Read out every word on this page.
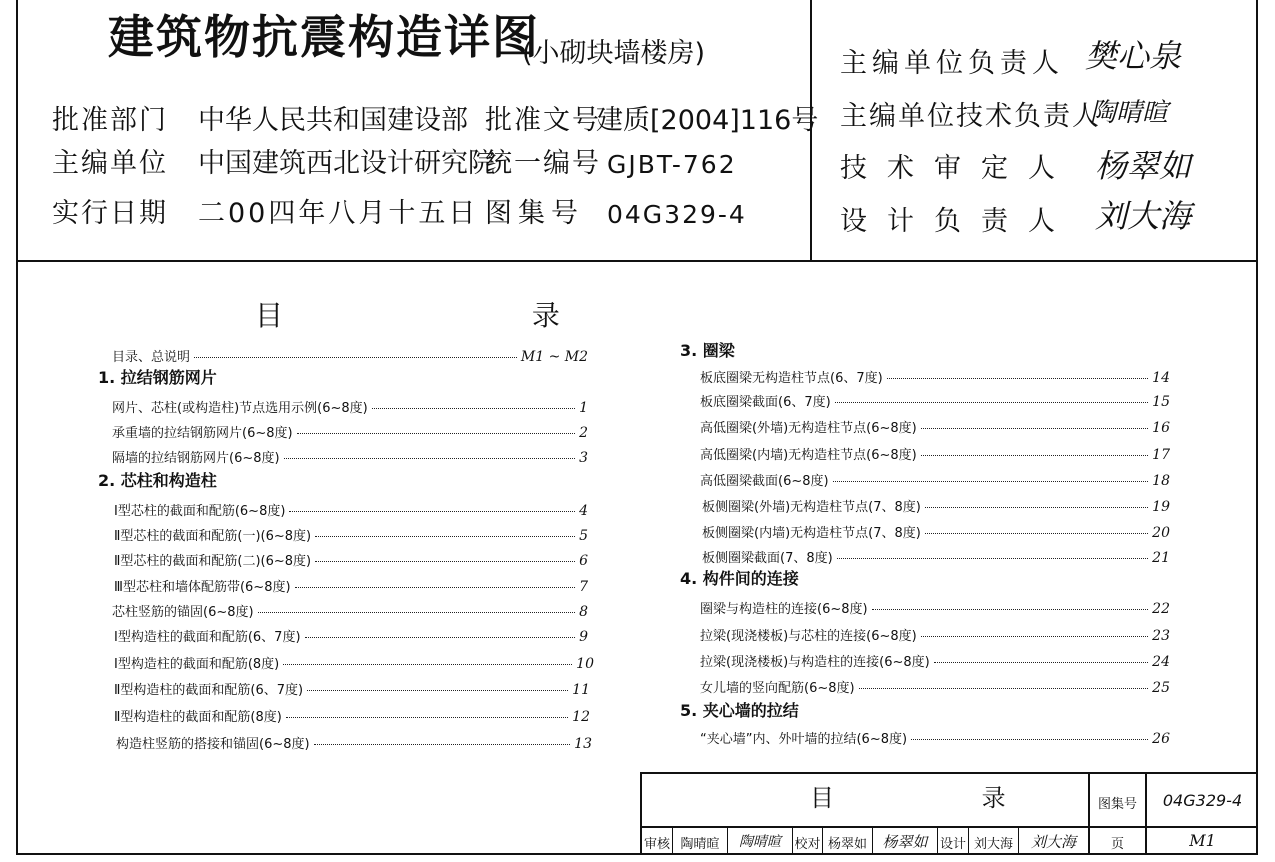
建筑物抗震构造详图
(小砌块墙楼房)
批准部门 中华人民共和国建设部 批准文号
建质[2004]116号
主编单位 中国建筑西北设计研究院
统一编号 GJBT-762
实行日期 二00四年八月十五日 图集号 04G329-4
主编单位负责人 樊心泉
主编单位技术负责人
陶晴暄
技术审定人 杨翠如
设计负责人 刘大海
目 录
目录、总说明	M1 ~ M2
1. 拉结钢筋网片
网片、芯柱(或构造柱)节点选用示例(6~8度)	1
承重墙的拉结钢筋网片(6~8度)	2
隔墙的拉结钢筋网片(6~8度)	3
2. 芯柱和构造柱
Ⅰ型芯柱的截面和配筋(6~8度)	4
Ⅱ型芯柱的截面和配筋(一)(6~8度)	5
Ⅱ型芯柱的截面和配筋(二)(6~8度)	6
Ⅲ型芯柱和墙体配筋带(6~8度)	7
芯柱竖筋的锚固(6~8度)	8
Ⅰ型构造柱的截面和配筋(6、7度)	9
Ⅰ型构造柱的截面和配筋(8度)	10
Ⅱ型构造柱的截面和配筋(6、7度)	11
Ⅱ型构造柱的截面和配筋(8度)	12
构造柱竖筋的搭接和锚固(6~8度)	13
3. 圈梁
板底圈梁无构造柱节点(6、7度)	14
板底圈梁截面(6、7度)	15
高低圈梁(外墙)无构造柱节点(6~8度)	16
高低圈梁(内墙)无构造柱节点(6~8度)	17
高低圈梁截面(6~8度)	18
板侧圈梁(外墙)无构造柱节点(7、8度)	19
板侧圈梁(内墙)无构造柱节点(7、8度)	20
板侧圈梁截面(7、8度)	21
4. 构件间的连接
圈梁与构造柱的连接(6~8度)	22
拉梁(现浇楼板)与芯柱的连接(6~8度)	23
拉梁(现浇楼板)与构造柱的连接(6~8度)	24
女儿墙的竖向配筋(6~8度)	25
5. 夹心墙的拉结
“夹心墙”内、外叶墙的拉结(6~8度)	26
目 录	图集号	04G329-4
审核 陶晴暄	陶晴暄	校对 杨翠如	杨翠如 设计 刘大海	刘大海	页	M1
